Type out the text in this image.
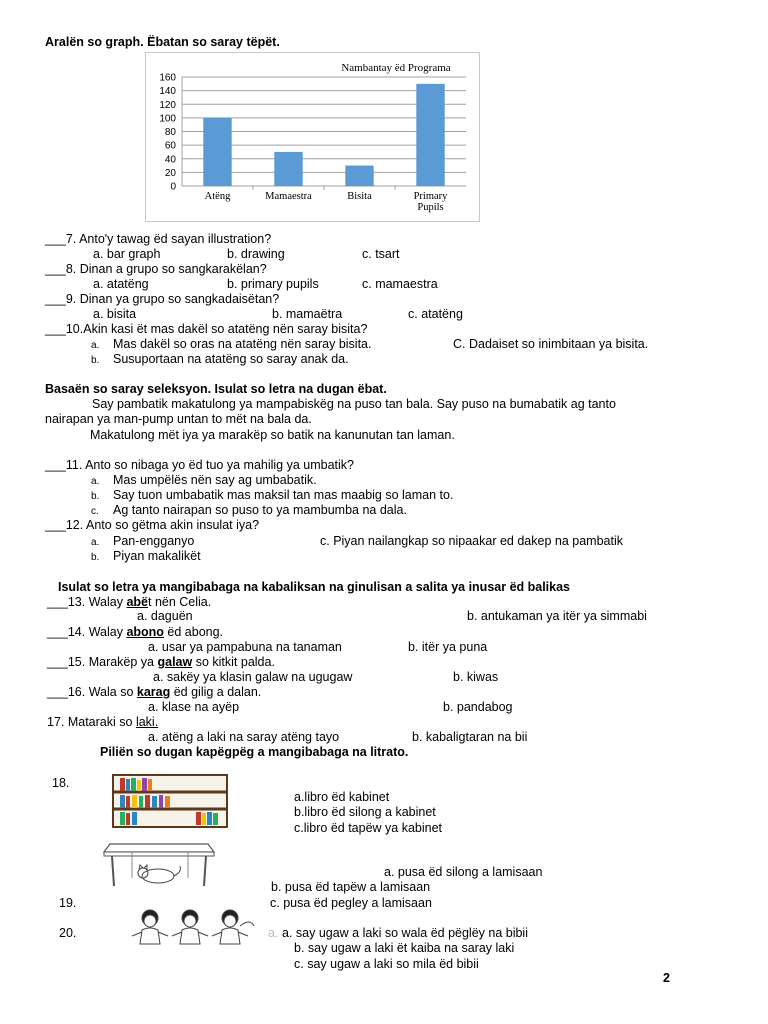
Aralën so graph. Ëbatan so saray tëpët.
Nambantay ëd Programa
0
20
40
60
80
100
120
140
160
Atëng	Mamaestra	Bisita	Primary
Pupils
___7. Anto'y tawag ëd sayan illustration?
a. bar graph	b. drawing	c. tsart
___8. Dinan a grupo so sangkarakëlan?
a. atatëng	b. primary pupils	c. mamaestra
___9. Dinan ya grupo so sangkadaisëtan?
a. bisita	b. mamaëtra	c. atatëng
___10.Akin kasi ët mas dakël so atatëng nën saray bisita?
a. Mas dakël so oras na atatëng nën saray bisita.	C. Dadaiset so inimbitaan ya bisita.
b. Susuportaan na atatëng so saray anak da.
Basaën so saray seleksyon. Isulat so letra na dugan ëbat.
Say pambatik makatulong ya mampabiskëg na puso tan bala. Say puso na bumabatik ag tanto
nairapan ya man-pump untan to mët na bala da.
Makatulong mët iya ya marakëp so batik na kanunutan tan laman.
___11. Anto so nibaga yo ëd tuo ya mahilig ya umbatik?
a. Mas umpëlës nën say ag umbabatik.
b. Say tuon umbabatik mas maksil tan mas maabig so laman to.
c. Ag tanto nairapan so puso to ya mambumba na dala.
___12. Anto so gëtma akin insulat iya?
a. Pan-engganyo	c. Piyan nailangkap so nipaakar ed dakep na pambatik
b. Piyan makalikët
Isulat so letra ya mangibabaga na kabaliksan na ginulisan a salita ya inusar ëd balikas
___13. Walay abët nën Celia.
a. daguën	b. antukaman ya itër ya simmabi
___14. Walay abono ëd abong.
a. usar ya pampabuna na tanaman	b. itër ya puna
___15. Marakëp ya galaw so kitkit palda.
a. sakëy ya klasin galaw na ugugaw	b. kiwas
___16. Wala so karag ëd gilig a dalan.
a. klase na ayëp	b. pandabog
17. Mataraki so laki.
a. atëng a laki na saray atëng tayo	b. kabaligtaran na bii
Piliën so dugan kapëgpëg a mangibabaga na litrato.
18.
a.libro ëd kabinet
b.libro ëd silong a kabinet
c.libro ëd tapëw ya kabinet
a. pusa ëd silong a lamisaan
b. pusa ëd tapëw a lamisaan
19.	c. pusa ëd pegley a lamisaan
20.	a. a. say ugaw a laki so wala ëd pëglëy na bibii
b. say ugaw a laki ët kaiba na saray laki
c. say ugaw a laki so mila ëd bibii
2
